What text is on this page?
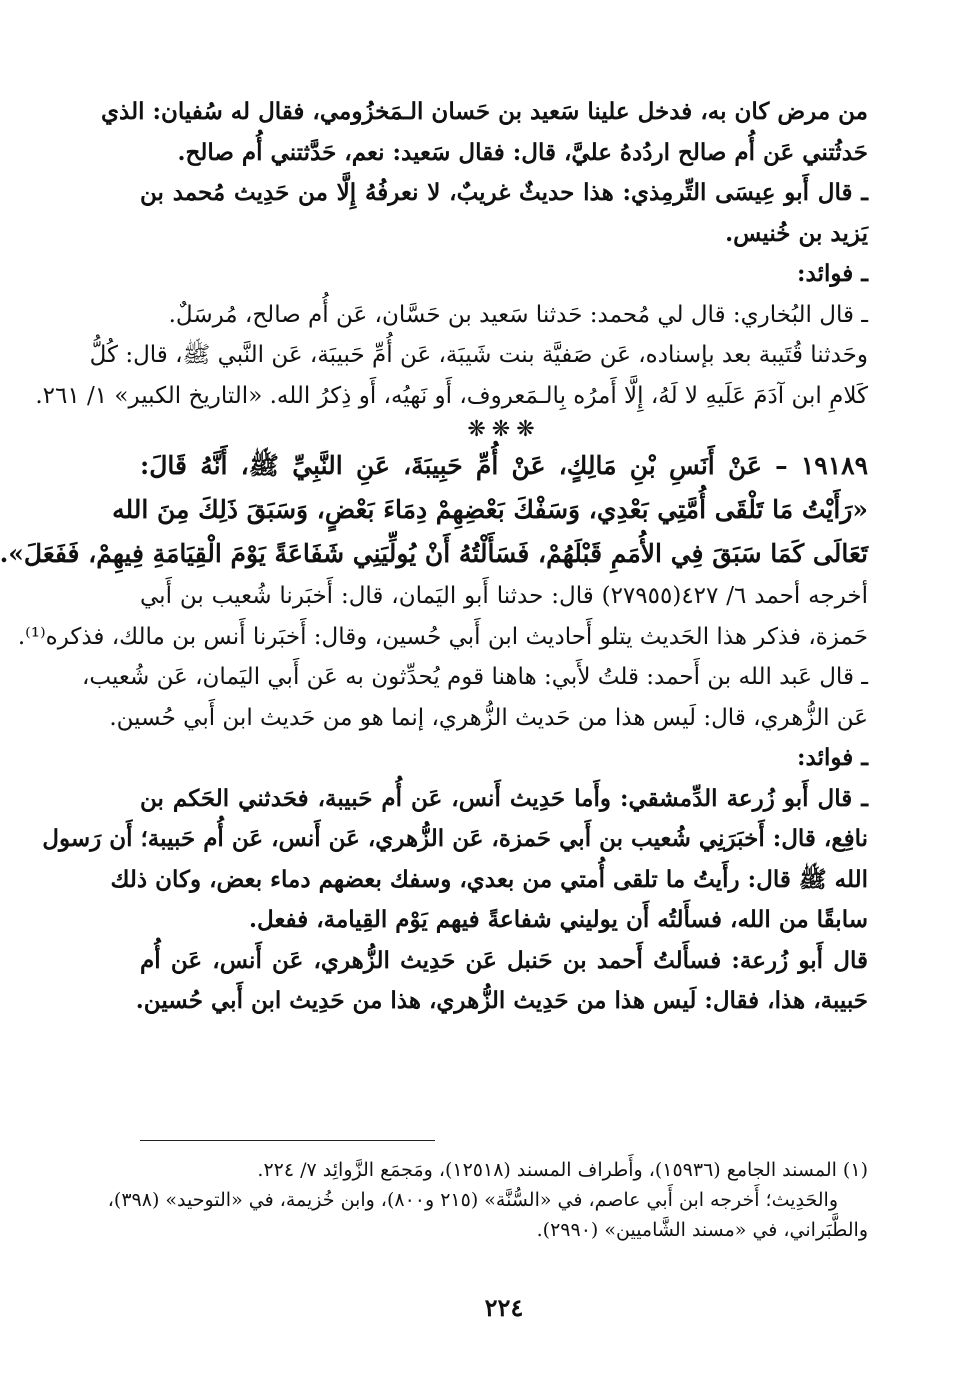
من مرض كان به، فدخل علينا سَعيد بن حَسان الـمَخزُومي، فقال له سُفيان: الذي
حَدثُتني عَن أُم صالح اردُدهُ عليَّ، قال: فقال سَعيد: نعم، حَدَّثتني أُم صالح.
ـ قال أَبو عِيسَى التِّرمِذي: هذا حديثٌ غريبٌ، لا نعرفُهُ إِلَّا من حَدِيث مُحمد بن
يَزيد بن خُنيس.
ـ فوائد:
ـ قال البُخاري: قال لي مُحمد: حَدثنا سَعيد بن حَسَّان، عَن أُم صالح، مُرسَلٌ.
وحَدثنا قُتَيبة بعد بإسناده، عَن صَفيَّة بنت شَيبَة، عَن أُمِّ حَبيبَة، عَن النَّبي ﷺ، قال: كُلُّ
كَلامِ ابن آدَمَ عَلَيهِ لا لَهُ، إِلَّا أَمرُه بِالـمَعروف، أَو نَهيُه، أَو ذِكرُ الله. «التاريخ الكبير» ١/ ٢٦١.
❋❋❋
١٩١٨٩ – عَنْ أَنَسِ بْنِ مَالِكٍ، عَنْ أُمِّ حَبِيبَةَ، عَنِ النَّبِيِّ ﷺ، أَنَّهُ قَالَ:
«رَأَيْتُ مَا تَلْقَى أُمَّتِي بَعْدِي، وَسَفْكَ بَعْضِهِمْ دِمَاءَ بَعْضٍ، وَسَبَقَ ذَلِكَ مِنَ الله
تَعَالَى كَمَا سَبَقَ فِي الأُمَمِ قَبْلَهُمْ، فَسَأَلْتُهُ أَنْ يُولِّيَنِي شَفَاعَةً يَوْمَ الْقِيَامَةِ فِيهِمْ، فَفَعَلَ».
أخرجه أحمد ٦/ ٤٢٧(٢٧٩٥٥) قال: حدثنا أَبو اليَمان، قال: أَخبَرنا شُعيب بن أَبي
حَمزة، فذكر هذا الحَديث يتلو أَحاديث ابن أَبي حُسين، وقال: أَخبَرنا أَنس بن مالك، فذكره⁽¹⁾.
ـ قال عَبد الله بن أَحمد: قلتُ لأَبي: هاهنا قوم يُحدِّثون به عَن أَبي اليَمان، عَن شُعيب،
عَن الزُّهري، قال: لَيس هذا من حَديث الزُّهري، إنما هو من حَديث ابن أَبي حُسين.
ـ فوائد:
ـ قال أَبو زُرعة الدِّمشقي: وأَما حَدِيث أَنس، عَن أُم حَبيبة، فحَدثني الحَكم بن
نافِع، قال: أَخبَرَنِي شُعيب بن أَبي حَمزة، عَن الزُّهري، عَن أَنس، عَن أُم حَبيبة؛ أَن رَسول
الله ﷺ قال: رأَيتُ ما تلقى أُمتي من بعدي، وسفك بعضهم دماء بعض، وكان ذلك
سابقًا من الله، فسأَلتُه أَن يوليني شفاعةً فيهم يَوْم القِيامة، ففعل.
قال أَبو زُرعة: فسأَلتُ أَحمد بن حَنبل عَن حَدِيث الزُّهري، عَن أَنس، عَن أُم
حَبيبة، هذا، فقال: لَيس هذا من حَدِيث الزُّهري، هذا من حَدِيث ابن أَبي حُسين.
(١) المسند الجامع (١٥٩٣٦)، وأَطراف المسند (١٢٥١٨)، ومَجمَع الزَّوائِد ٧/ ٢٢٤.
والحَدِيث؛ أَخرجه ابن أَبي عاصم، في «السُّنَّة» (٢١٥ و٨٠٠)، وابن خُزيمة، في «التوحيد» (٣٩٨)،
والطَّبَراني، في «مسند الشَّاميين» (٢٩٩٠).
٢٢٤
